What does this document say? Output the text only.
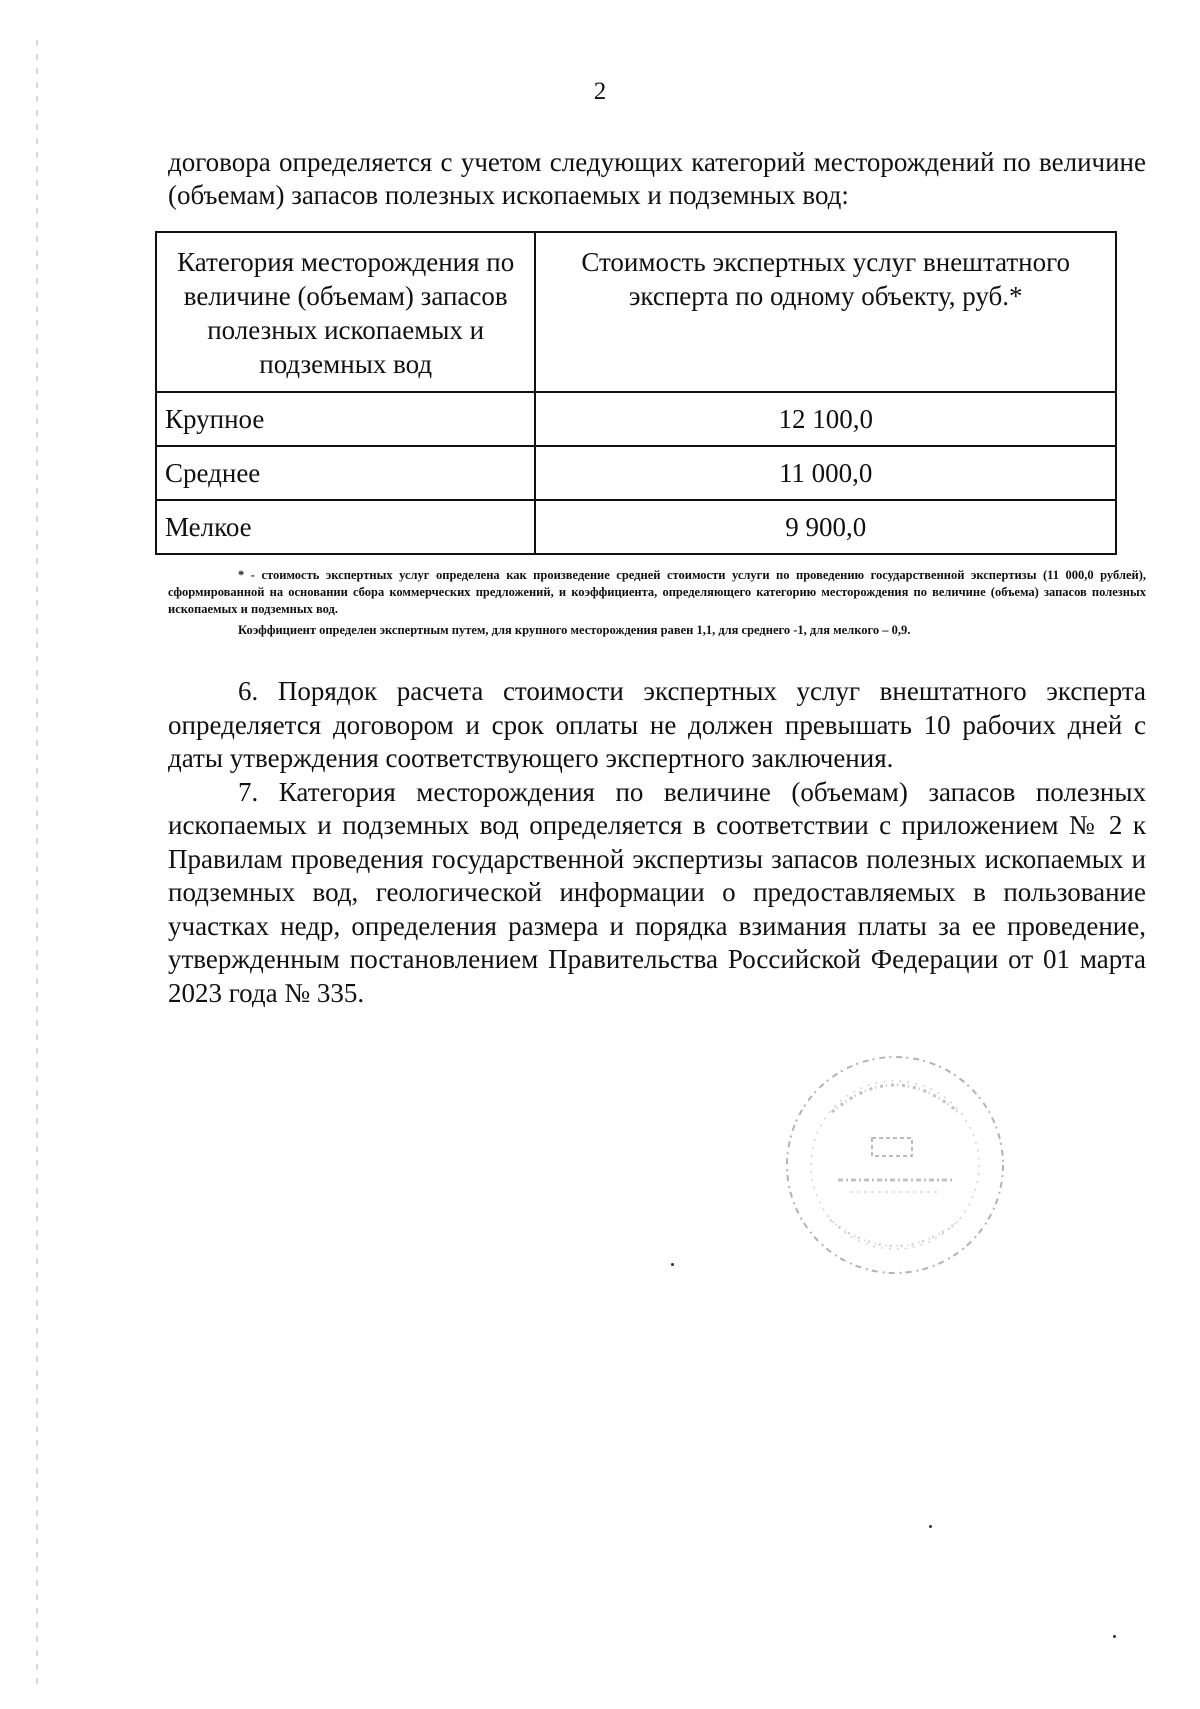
2

договора определяется с учетом следующих категорий месторождений по величине (объемам) запасов полезных ископаемых и подземных вод:

Категория месторождения по величине (объемам) запасов полезных ископаемых и подземных вод	Стоимость экспертных услуг внештатного эксперта по одному объекту, руб.*
Крупное	12 100,0
Среднее	11 000,0
Мелкое	9 900,0

* - стоимость экспертных услуг определена как произведение средней стоимости услуги по проведению государственной экспертизы (11 000,0 рублей), сформированной на основании сбора коммерческих предложений, и коэффициента, определяющего категорию месторождения по величине (объема) запасов полезных ископаемых и подземных вод.

Коэффициент определен экспертным путем, для крупного месторождения равен 1,1, для среднего -1, для мелкого – 0,9.

6. Порядок расчета стоимости экспертных услуг внештатного эксперта определяется договором и срок оплаты не должен превышать 10 рабочих дней с даты утверждения соответствующего экспертного заключения.

7. Категория месторождения по величине (объемам) запасов полезных ископаемых и подземных вод определяется в соответствии с приложением № 2 к Правилам проведения государственной экспертизы запасов полезных ископаемых и подземных вод, геологической информации о предоставляемых в пользование участках недр, определения размера и порядка взимания платы за ее проведение, утвержденным постановлением Правительства Российской Федерации от 01 марта 2023 года № 335.
